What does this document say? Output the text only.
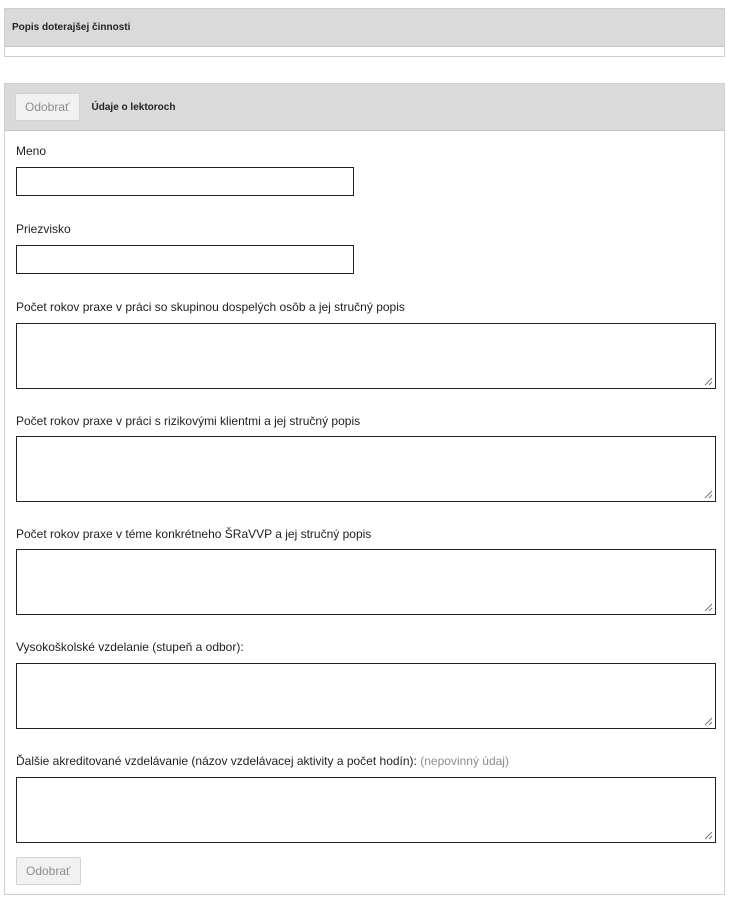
Popis doterajšej činnosti
Odobrať	Údaje o lektoroch
Meno
Priezvisko
Počet rokov praxe v práci so skupinou dospelých osôb a jej stručný popis
Počet rokov praxe v práci s rizikovými klientmi a jej stručný popis
Počet rokov praxe v téme konkrétneho ŠRaVVP a jej stručný popis
Vysokoškolské vzdelanie (stupeň a odbor):
Ďalšie akreditované vzdelávanie (názov vzdelávacej aktivity a počet hodín): (nepovinný údaj)
Odobrať
